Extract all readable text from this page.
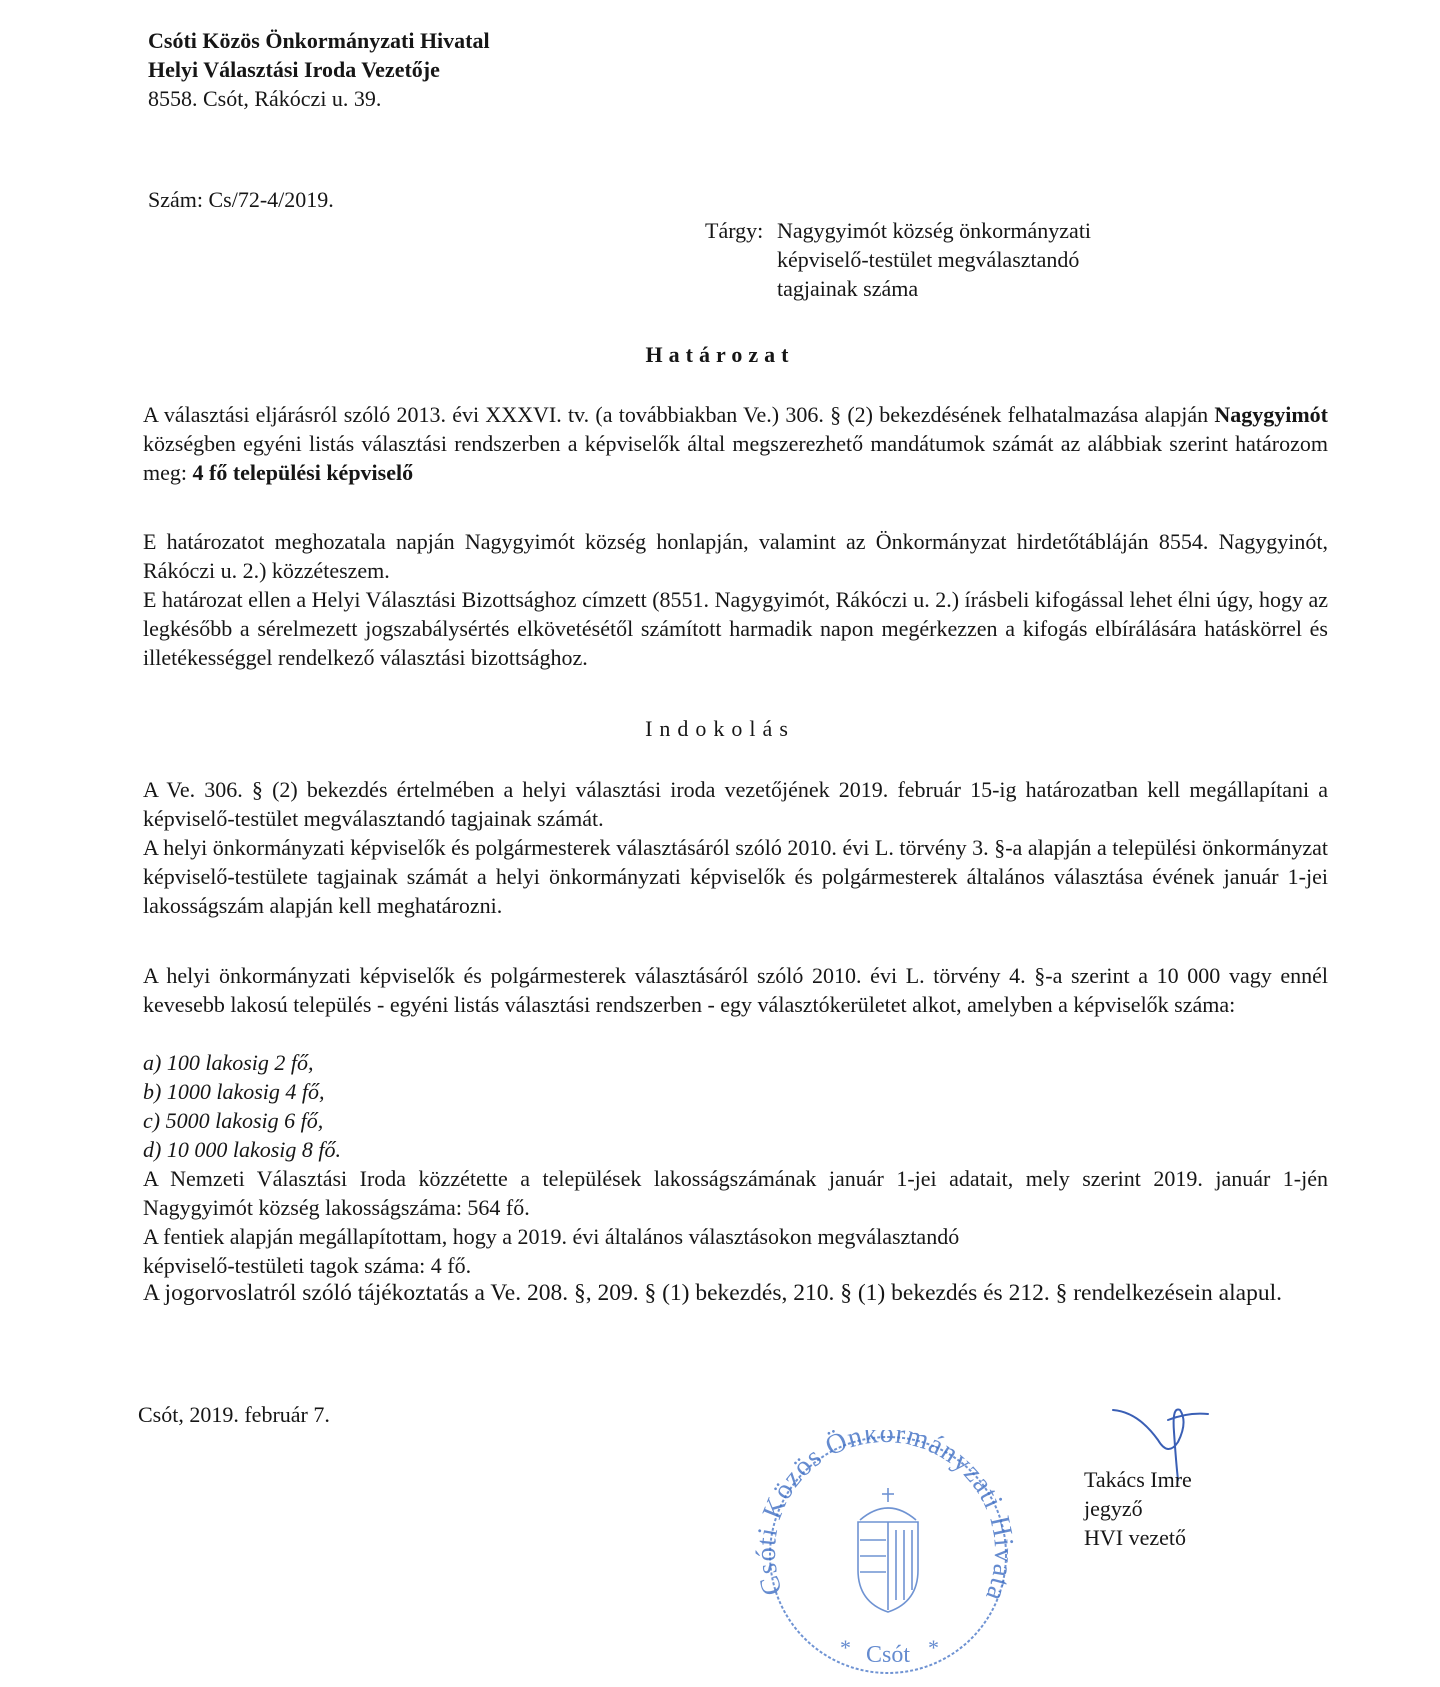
Csóti Közös Önkormányzati Hivatal
Helyi Választási Iroda Vezetője
8558. Csót, Rákóczi u. 39.
Szám: Cs/72-4/2019.
Tárgy: Nagygyimót község önkormányzati
képviselő-testület megválasztandó
tagjainak száma
Határozat
A választási eljárásról szóló 2013. évi XXXVI. tv. (a továbbiakban Ve.) 306. § (2) bekezdésének felhatalmazása alapján Nagygyimót községben egyéni listás választási rendszerben a képviselők által megszerezhető mandátumok számát az alábbiak szerint határozom meg: 4 fő települési képviselő
E határozatot meghozatala napján Nagygyimót község honlapján, valamint az Önkormányzat hirdetőtábláján 8554. Nagygyinót, Rákóczi u. 2.) közzéteszem.
E határozat ellen a Helyi Választási Bizottsághoz címzett (8551. Nagygyimót, Rákóczi u. 2.) írásbeli kifogással lehet élni úgy, hogy az legkésőbb a sérelmezett jogszabálysértés elkövetésétől számított harmadik napon megérkezzen a kifogás elbírálására hatáskörrel és illetékességgel rendelkező választási bizottsághoz.
Indokolás
A Ve. 306. § (2) bekezdés értelmében a helyi választási iroda vezetőjének 2019. február 15-ig határozatban kell megállapítani a képviselő-testület megválasztandó tagjainak számát.
A helyi önkormányzati képviselők és polgármesterek választásáról szóló 2010. évi L. törvény 3. §-a alapján a települési önkormányzat képviselő-testülete tagjainak számát a helyi önkormányzati képviselők és polgármesterek általános választása évének január 1-jei lakosságszám alapján kell meghatározni.
A helyi önkormányzati képviselők és polgármesterek választásáról szóló 2010. évi L. törvény 4. §-a szerint a 10 000 vagy ennél kevesebb lakosú település - egyéni listás választási rendszerben - egy választókerületet alkot, amelyben a képviselők száma:
a) 100 lakosig 2 fő,
b) 1000 lakosig 4 fő,
c) 5000 lakosig 6 fő,
d) 10 000 lakosig 8 fő.
A Nemzeti Választási Iroda közzétette a települések lakosságszámának január 1-jei adatait, mely szerint 2019. január 1-jén Nagygyimót község lakosságszáma: 564 fő.
A fentiek alapján megállapítottam, hogy a 2019. évi általános választásokon megválasztandó
képviselő-testületi tagok száma: 4 fő.
A jogorvoslatról szóló tájékoztatás a Ve. 208. §, 209. § (1) bekezdés, 210. § (1) bekezdés és 212. § rendelkezésein alapul.
Csót, 2019. február 7.
Csóti Közös Önkormányzati Hivata
Csót
*	*
Takács Imre
jegyző
HVI vezető
